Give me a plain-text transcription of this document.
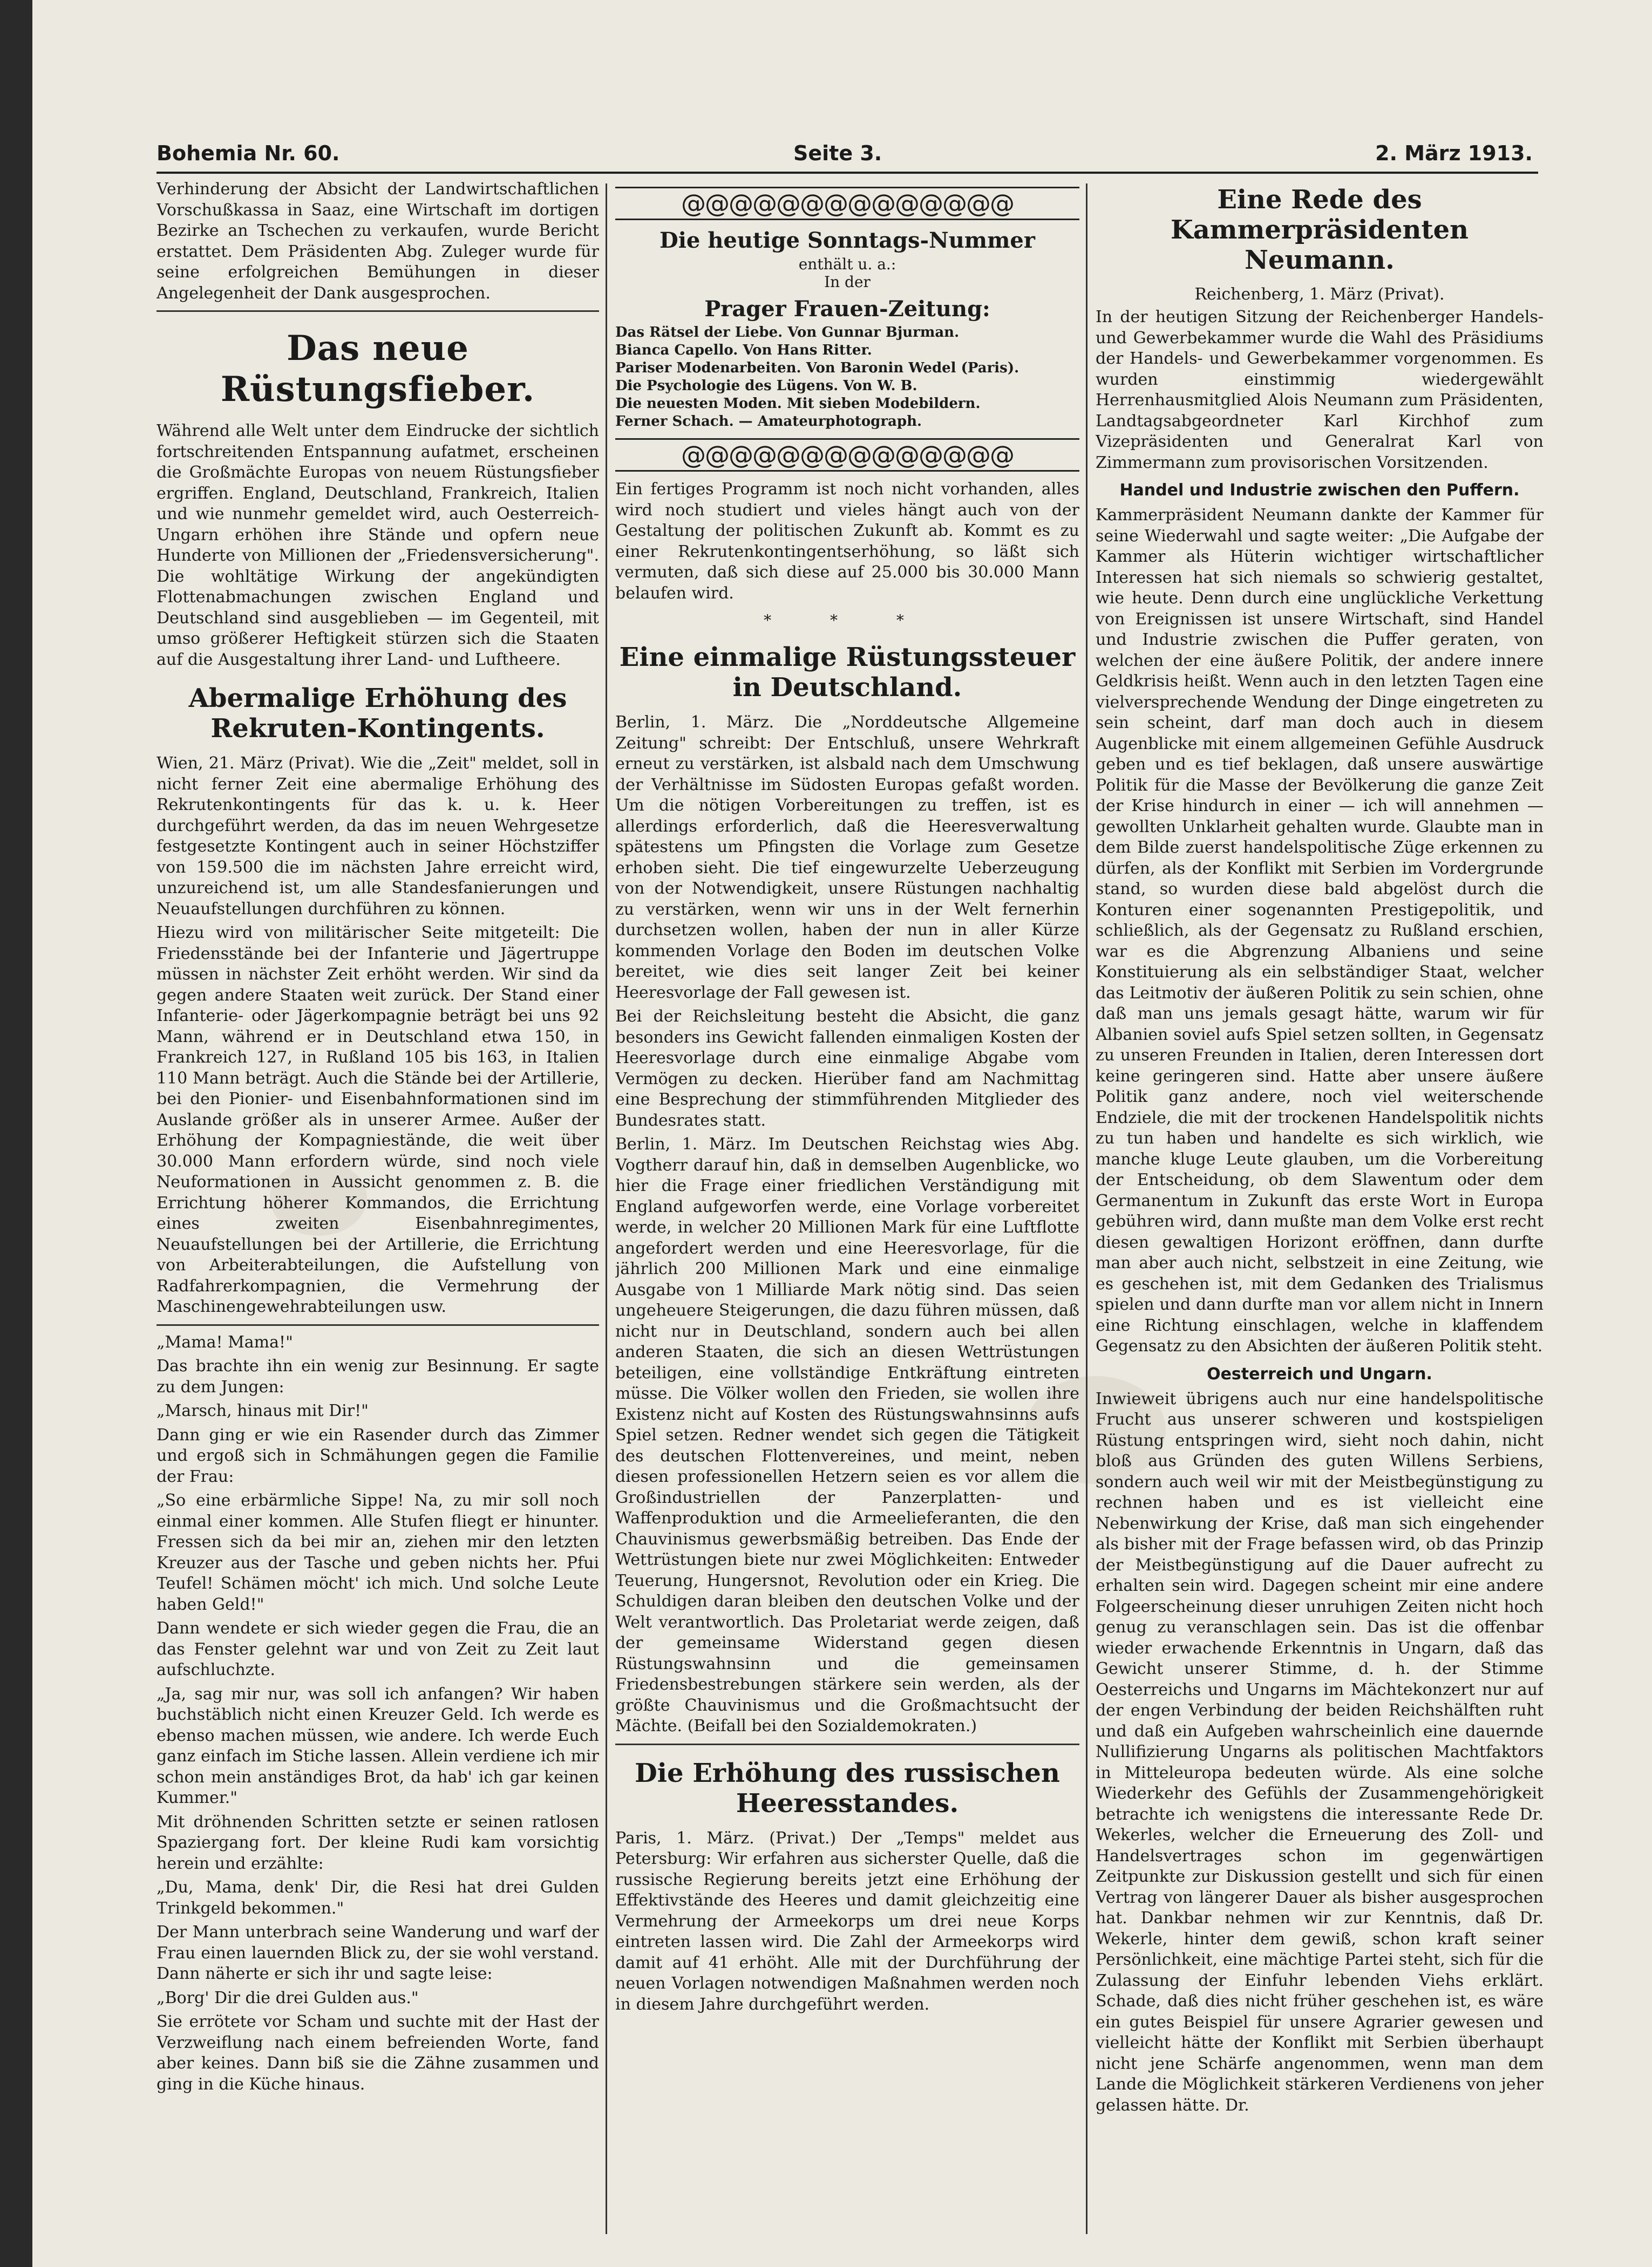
Bohemia Nr. 60.	Seite 3.	2. März 1913.

Verhinderung der Absicht der Landwirtschaftlichen Vorschußkassa in Saaz, eine Wirtschaft im dortigen Bezirke an Tschechen zu verkaufen, wurde Bericht erstattet. Dem Präsidenten Abg. Zuleger wurde für seine erfolgreichen Bemühungen in dieser Angelegenheit der Dank ausgesprochen.

Das neue Rüstungsfieber.

Während alle Welt unter dem Eindrucke der sichtlich fortschreitenden Entspannung aufatmet, erscheinen die Großmächte Europas von neuem Rüstungsfieber ergriffen. England, Deutschland, Frankreich, Italien und wie nunmehr gemeldet wird, auch Oesterreich-Ungarn erhöhen ihre Stände und opfern neue Hunderte von Millionen der „Friedensversicherung". Die wohltätige Wirkung der angekündigten Flottenabmachungen zwischen England und Deutschland sind ausgeblieben — im Gegenteil, mit umso größerer Heftigkeit stürzen sich die Staaten auf die Ausgestaltung ihrer Land- und Luftheere.

Abermalige Erhöhung des Rekruten-Kontingents.

Wien, 21. März (Privat). Wie die „Zeit" meldet, soll in nicht ferner Zeit eine abermalige Erhöhung des Rekrutenkontingents für das k. u. k. Heer durchgeführt werden, da das im neuen Wehrgesetze festgesetzte Kontingent auch in seiner Höchstziffer von 159.500 die im nächsten Jahre erreicht wird, unzureichend ist, um alle Standesfanierungen und Neuaufstellungen durchführen zu können.

Hiezu wird von militärischer Seite mitgeteilt: Die Friedensstände bei der Infanterie und Jägertruppe müssen in nächster Zeit erhöht werden. Wir sind da gegen andere Staaten weit zurück. Der Stand einer Infanterie- oder Jägerkompagnie beträgt bei uns 92 Mann, während er in Deutschland etwa 150, in Frankreich 127, in Rußland 105 bis 163, in Italien 110 Mann beträgt. Auch die Stände bei der Artillerie, bei den Pionier- und Eisenbahnformationen sind im Auslande größer als in unserer Armee. Außer der Erhöhung der Kompagniestände, die weit über 30.000 Mann erfordern würde, sind noch viele Neuformationen in Aussicht genommen z. B. die Errichtung höherer Kommandos, die Errichtung eines zweiten Eisenbahnregimentes, Neuaufstellungen bei der Artillerie, die Errichtung von Arbeiterabteilungen, die Aufstellung von Radfahrerkompagnien, die Vermehrung der Maschinengewehrabteilungen usw.

„Mama! Mama!"

Das brachte ihn ein wenig zur Besinnung. Er sagte zu dem Jungen:

„Marsch, hinaus mit Dir!"

Dann ging er wie ein Rasender durch das Zimmer und ergoß sich in Schmähungen gegen die Familie der Frau:

„So eine erbärmliche Sippe! Na, zu mir soll noch einmal einer kommen. Alle Stufen fliegt er hinunter. Fressen sich da bei mir an, ziehen mir den letzten Kreuzer aus der Tasche und geben nichts her. Pfui Teufel! Schämen möcht' ich mich. Und solche Leute haben Geld!"

Dann wendete er sich wieder gegen die Frau, die an das Fenster gelehnt war und von Zeit zu Zeit laut aufschluchzte.

„Ja, sag mir nur, was soll ich anfangen? Wir haben buchstäblich nicht einen Kreuzer Geld. Ich werde es ebenso machen müssen, wie andere. Ich werde Euch ganz einfach im Stiche lassen. Allein verdiene ich mir schon mein anständiges Brot, da hab' ich gar keinen Kummer."

Mit dröhnenden Schritten setzte er seinen ratlosen Spaziergang fort. Der kleine Rudi kam vorsichtig herein und erzählte:

„Du, Mama, denk' Dir, die Resi hat drei Gulden Trinkgeld bekommen."

Der Mann unterbrach seine Wanderung und warf der Frau einen lauernden Blick zu, der sie wohl verstand. Dann näherte er sich ihr und sagte leise:

„Borg' Dir die drei Gulden aus."

Sie errötete vor Scham und suchte mit der Hast der Verzweiflung nach einem befreienden Worte, fand aber keines. Dann biß sie die Zähne zusammen und ging in die Küche hinaus.

@@@@@@@@@@@@@@
Die heutige Sonntags-Nummer
enthält u. a.:
In der
Prager Frauen-Zeitung:

Das Rätsel der Liebe. Von Gunnar Bjurman.

Bianca Capello. Von Hans Ritter.

Pariser Modenarbeiten. Von Baronin Wedel (Paris).

Die Psychologie des Lügens. Von W. B.

Die neuesten Moden. Mit sieben Modebildern.

Ferner Schach. — Amateurphotograph.

@@@@@@@@@@@@@@

Ein fertiges Programm ist noch nicht vorhanden, alles wird noch studiert und vieles hängt auch von der Gestaltung der politischen Zukunft ab. Kommt es zu einer Rekrutenkontingentserhöhung, so läßt sich vermuten, daß sich diese auf 25.000 bis 30.000 Mann belaufen wird.

* * *
Eine einmalige Rüstungssteuer in Deutschland.

Berlin, 1. März. Die „Norddeutsche Allgemeine Zeitung" schreibt: Der Entschluß, unsere Wehrkraft erneut zu verstärken, ist alsbald nach dem Umschwung der Verhältnisse im Südosten Europas gefaßt worden. Um die nötigen Vorbereitungen zu treffen, ist es allerdings erforderlich, daß die Heeresverwaltung spätestens um Pfingsten die Vorlage zum Gesetze erhoben sieht. Die tief eingewurzelte Ueberzeugung von der Notwendigkeit, unsere Rüstungen nachhaltig zu verstärken, wenn wir uns in der Welt fernerhin durchsetzen wollen, haben der nun in aller Kürze kommenden Vorlage den Boden im deutschen Volke bereitet, wie dies seit langer Zeit bei keiner Heeresvorlage der Fall gewesen ist.

Bei der Reichsleitung besteht die Absicht, die ganz besonders ins Gewicht fallenden einmaligen Kosten der Heeresvorlage durch eine einmalige Abgabe vom Vermögen zu decken. Hierüber fand am Nachmittag eine Besprechung der stimmführenden Mitglieder des Bundesrates statt.

Berlin, 1. März. Im Deutschen Reichstag wies Abg. Vogtherr darauf hin, daß in demselben Augenblicke, wo hier die Frage einer friedlichen Verständigung mit England aufgeworfen werde, eine Vorlage vorbereitet werde, in welcher 20 Millionen Mark für eine Luftflotte angefordert werden und eine Heeresvorlage, für die jährlich 200 Millionen Mark und eine einmalige Ausgabe von 1 Milliarde Mark nötig sind. Das seien ungeheuere Steigerungen, die dazu führen müssen, daß nicht nur in Deutschland, sondern auch bei allen anderen Staaten, die sich an diesen Wettrüstungen beteiligen, eine vollständige Entkräftung eintreten müsse. Die Völker wollen den Frieden, sie wollen ihre Existenz nicht auf Kosten des Rüstungswahnsinns aufs Spiel setzen. Redner wendet sich gegen die Tätigkeit des deutschen Flottenvereines, und meint, neben diesen professionellen Hetzern seien es vor allem die Großindustriellen der Panzerplatten- und Waffenproduktion und die Armeelieferanten, die den Chauvinismus gewerbsmäßig betreiben. Das Ende der Wettrüstungen biete nur zwei Möglichkeiten: Entweder Teuerung, Hungersnot, Revolution oder ein Krieg. Die Schuldigen daran bleiben den deutschen Volke und der Welt verantwortlich. Das Proletariat werde zeigen, daß der gemeinsame Widerstand gegen diesen Rüstungswahnsinn und die gemeinsamen Friedensbestrebungen stärkere sein werden, als der größte Chauvinismus und die Großmachtsucht der Mächte. (Beifall bei den Sozialdemokraten.)

Die Erhöhung des russischen Heeresstandes.

Paris, 1. März. (Privat.) Der „Temps" meldet aus Petersburg: Wir erfahren aus sicherster Quelle, daß die russische Regierung bereits jetzt eine Erhöhung der Effektivstände des Heeres und damit gleichzeitig eine Vermehrung der Armeekorps um drei neue Korps eintreten lassen wird. Die Zahl der Armeekorps wird damit auf 41 erhöht. Alle mit der Durchführung der neuen Vorlagen notwendigen Maßnahmen werden noch in diesem Jahre durchgeführt werden.

Eine Rede des Kammerpräsidenten Neumann.
Reichenberg, 1. März (Privat).

In der heutigen Sitzung der Reichenberger Handels- und Gewerbekammer wurde die Wahl des Präsidiums der Handels- und Gewerbekammer vorgenommen. Es wurden einstimmig wiedergewählt Herrenhausmitglied Alois Neumann zum Präsidenten, Landtagsabgeordneter Karl Kirchhof zum Vizepräsidenten und Generalrat Karl von Zimmermann zum provisorischen Vorsitzenden.

Handel und Industrie zwischen den Puffern.

Kammerpräsident Neumann dankte der Kammer für seine Wiederwahl und sagte weiter: „Die Aufgabe der Kammer als Hüterin wichtiger wirtschaftlicher Interessen hat sich niemals so schwierig gestaltet, wie heute. Denn durch eine unglückliche Verkettung von Ereignissen ist unsere Wirtschaft, sind Handel und Industrie zwischen die Puffer geraten, von welchen der eine äußere Politik, der andere innere Geldkrisis heißt. Wenn auch in den letzten Tagen eine vielversprechende Wendung der Dinge eingetreten zu sein scheint, darf man doch auch in diesem Augenblicke mit einem allgemeinen Gefühle Ausdruck geben und es tief beklagen, daß unsere auswärtige Politik für die Masse der Bevölkerung die ganze Zeit der Krise hindurch in einer — ich will annehmen — gewollten Unklarheit gehalten wurde. Glaubte man in dem Bilde zuerst handelspolitische Züge erkennen zu dürfen, als der Konflikt mit Serbien im Vordergrunde stand, so wurden diese bald abgelöst durch die Konturen einer sogenannten Prestigepolitik, und schließlich, als der Gegensatz zu Rußland erschien, war es die Abgrenzung Albaniens und seine Konstituierung als ein selbständiger Staat, welcher das Leitmotiv der äußeren Politik zu sein schien, ohne daß man uns jemals gesagt hätte, warum wir für Albanien soviel aufs Spiel setzen sollten, in Gegensatz zu unseren Freunden in Italien, deren Interessen dort keine geringeren sind. Hatte aber unsere äußere Politik ganz andere, noch viel weiterschende Endziele, die mit der trockenen Handelspolitik nichts zu tun haben und handelte es sich wirklich, wie manche kluge Leute glauben, um die Vorbereitung der Entscheidung, ob dem Slawentum oder dem Germanentum in Zukunft das erste Wort in Europa gebühren wird, dann mußte man dem Volke erst recht diesen gewaltigen Horizont eröffnen, dann durfte man aber auch nicht, selbstzeit in eine Zeitung, wie es geschehen ist, mit dem Gedanken des Trialismus spielen und dann durfte man vor allem nicht in Innern eine Richtung einschlagen, welche in klaffendem Gegensatz zu den Absichten der äußeren Politik steht.

Oesterreich und Ungarn.

Inwieweit übrigens auch nur eine handelspolitische Frucht aus unserer schweren und kostspieligen Rüstung entspringen wird, sieht noch dahin, nicht bloß aus Gründen des guten Willens Serbiens, sondern auch weil wir mit der Meistbegünstigung zu rechnen haben und es ist vielleicht eine Nebenwirkung der Krise, daß man sich eingehender als bisher mit der Frage befassen wird, ob das Prinzip der Meistbegünstigung auf die Dauer aufrecht zu erhalten sein wird. Dagegen scheint mir eine andere Folgeerscheinung dieser unruhigen Zeiten nicht hoch genug zu veranschlagen sein. Das ist die offenbar wieder erwachende Erkenntnis in Ungarn, daß das Gewicht unserer Stimme, d. h. der Stimme Oesterreichs und Ungarns im Mächtekonzert nur auf der engen Verbindung der beiden Reichshälften ruht und daß ein Aufgeben wahrscheinlich eine dauernde Nullifizierung Ungarns als politischen Machtfaktors in Mitteleuropa bedeuten würde. Als eine solche Wiederkehr des Gefühls der Zusammengehörigkeit betrachte ich wenigstens die interessante Rede Dr. Wekerles, welcher die Erneuerung des Zoll- und Handelsvertrages schon im gegenwärtigen Zeitpunkte zur Diskussion gestellt und sich für einen Vertrag von längerer Dauer als bisher ausgesprochen hat. Dankbar nehmen wir zur Kenntnis, daß Dr. Wekerle, hinter dem gewiß, schon kraft seiner Persönlichkeit, eine mächtige Partei steht, sich für die Zulassung der Einfuhr lebenden Viehs erklärt. Schade, daß dies nicht früher geschehen ist, es wäre ein gutes Beispiel für unsere Agrarier gewesen und vielleicht hätte der Konflikt mit Serbien überhaupt nicht jene Schärfe angenommen, wenn man dem Lande die Möglichkeit stärkeren Verdienens von jeher gelassen hätte. Dr.
